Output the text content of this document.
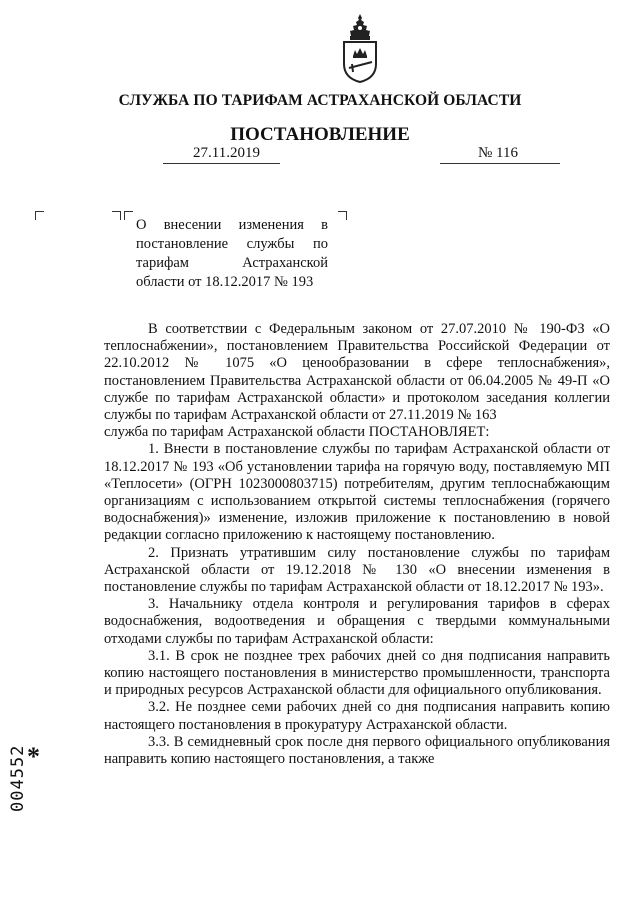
СЛУЖБА ПО ТАРИФАМ АСТРАХАНСКОЙ ОБЛАСТИ
ПОСТАНОВЛЕНИЕ
27.11.2019	№ 116
О внесении изменения в постановление службы по тарифам Астраханской области от 18.12.2017 № 193

В соответствии с Федеральным законом от 27.07.2010 № 190-ФЗ «О теплоснабжении», постановлением Правительства Российской Федерации от 22.10.2012 № 1075 «О ценообразовании в сфере теплоснабжения», постановлением Правительства Астраханской области от 06.04.2005 № 49-П «О службе по тарифам Астраханской области» и протоколом заседания коллегии службы по тарифам Астраханской области от 27.11.2019 № 163

служба по тарифам Астраханской области ПОСТАНОВЛЯЕТ:

1. Внести в постановление службы по тарифам Астраханской области от 18.12.2017 № 193 «Об установлении тарифа на горячую воду, поставляемую МП «Теплосети» (ОГРН 1023000803715) потребителям, другим теплоснабжающим организациям с использованием открытой системы теплоснабжения (горячего водоснабжения)» изменение, изложив приложение к постановлению в новой редакции согласно приложению к настоящему постановлению.

2. Признать утратившим силу постановление службы по тарифам Астраханской области от 19.12.2018 № 130 «О внесении изменения в постановление службы по тарифам Астраханской области от 18.12.2017 № 193».

3. Начальнику отдела контроля и регулирования тарифов в сферах водоснабжения, водоотведения и обращения с твердыми коммунальными отходами службы по тарифам Астраханской области:

3.1. В срок не позднее трех рабочих дней со дня подписания направить копию настоящего постановления в министерство промышленности, транспорта и природных ресурсов Астраханской области для официального опубликования.

3.2. Не позднее семи рабочих дней со дня подписания направить копию настоящего постановления в прокуратуру Астраханской области.

3.3. В семидневный срок после дня первого официального опубликования направить копию настоящего постановления, а также

*
004552
